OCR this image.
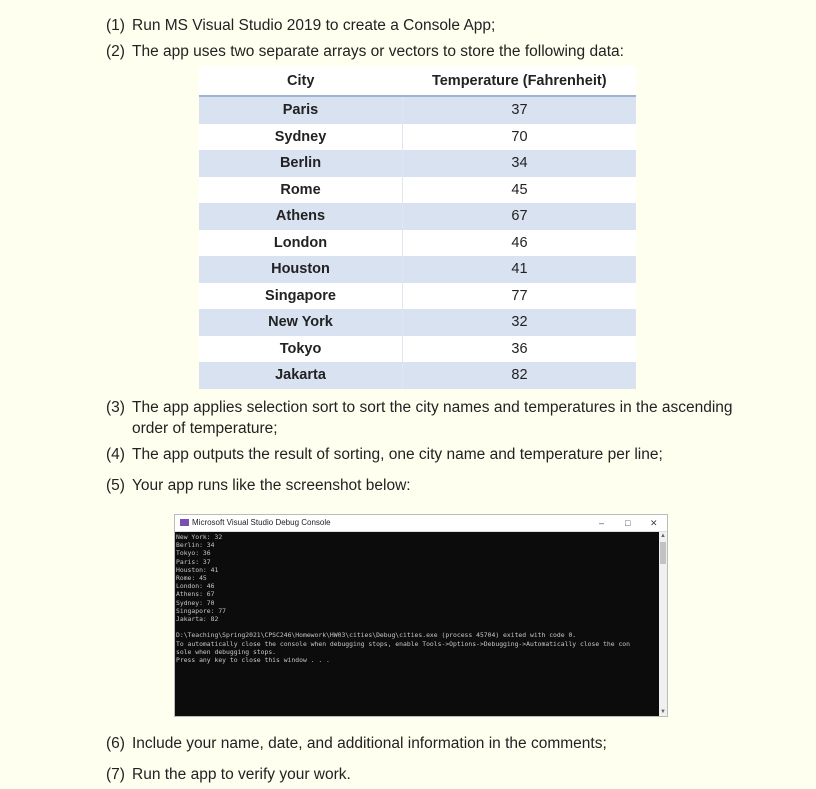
(1) Run MS Visual Studio 2019 to create a Console App;
(2) The app uses two separate arrays or vectors to store the following data:
City	Temperature (Fahrenheit)
Paris	37
Sydney	70
Berlin	34
Rome	45
Athens	67
London	46
Houston	41
Singapore	77
New York	32
Tokyo	36
Jakarta	82
(3) The app applies selection sort to sort the city names and temperatures in the ascending
order of temperature;
(4) The app outputs the result of sorting, one city name and temperature per line;
(5) Your app runs like the screenshot below:
Microsoft Visual Studio Debug Console	– □ ✕
New York: 32
Berlin: 34
Tokyo: 36
Paris: 37
Houston: 41
Rome: 45
London: 46
Athens: 67
Sydney: 70
Singapore: 77
Jakarta: 82
D:\Teaching\Spring2021\CPSC246\Homework\HW03\cities\Debug\cities.exe (process 45704) exited with code 0.
To automatically close the console when debugging stops, enable Tools->Options->Debugging->Automatically close the con
sole when debugging stops.
Press any key to close this window . . .
▲
▼
(6) Include your name, date, and additional information in the comments;
(7) Run the app to verify your work.
